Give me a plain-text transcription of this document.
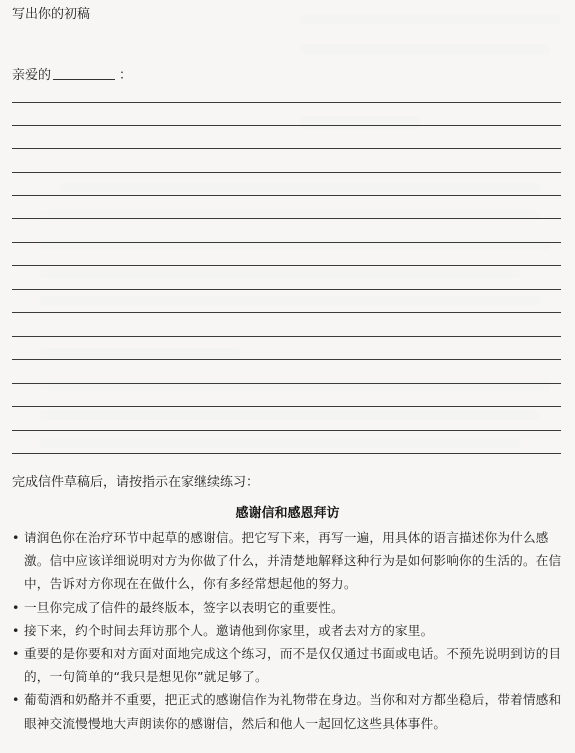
写出你的初稿
亲爱的	：
完成信件草稿后，请按指示在家继续练习：
感谢信和感恩拜访
• 请润色你在治疗环节中起草的感谢信。把它写下来，再写一遍，用具体的语言描述你为什么感激。信中应该详细说明对方为你做了什么，并清楚地解释这种行为是如何影响你的生活的。在信中，告诉对方你现在在做什么，你有多经常想起他的努力。
• 一旦你完成了信件的最终版本，签字以表明它的重要性。
• 接下来，约个时间去拜访那个人。邀请他到你家里，或者去对方的家里。
• 重要的是你要和对方面对面地完成这个练习，而不是仅仅通过书面或电话。不预先说明到访的目的，一句简单的“我只是想见你”就足够了。
• 葡萄酒和奶酪并不重要，把正式的感谢信作为礼物带在身边。当你和对方都坐稳后，带着情感和眼神交流慢慢地大声朗读你的感谢信，然后和他人一起回忆这些具体事件。
